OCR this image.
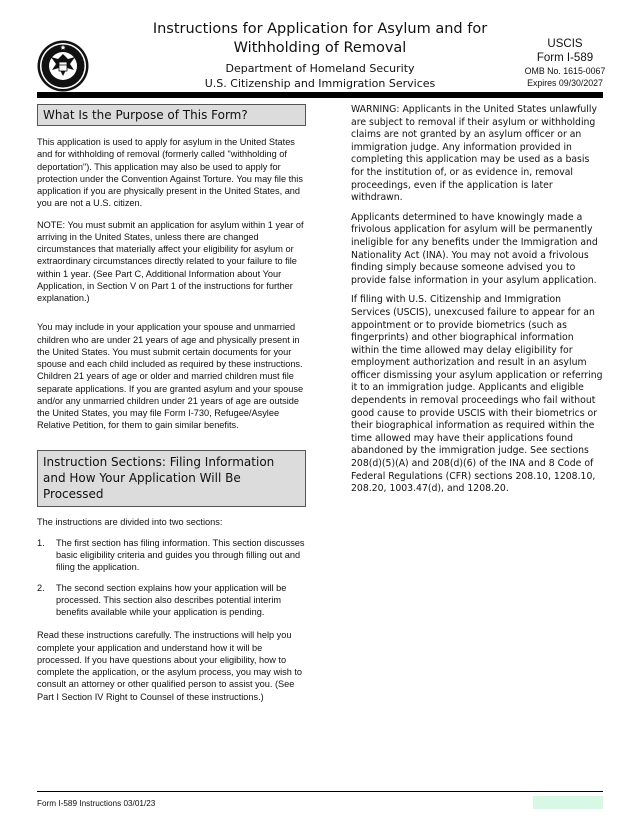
Instructions for Application for Asylum and for
Withholding of Removal
Department of Homeland Security
U.S. Citizenship and Immigration Services
USCIS
Form I-589
OMB No. 1615-0067
Expires 09/30/2027
What Is the Purpose of This Form?

This application is used to apply for asylum in the United States and for withholding of removal (formerly called "withholding of deportation"). This application may also be used to apply for protection under the Convention Against Torture. You may file this application if you are physically present in the United States, and you are not a U.S. citizen.

NOTE: You must submit an application for asylum within 1 year of arriving in the United States, unless there are changed circumstances that materially affect your eligibility for asylum or extraordinary circumstances directly related to your failure to file within 1 year. (See Part C, Additional Information about Your Application, in Section V on Part 1 of the instructions for further explanation.)

You may include in your application your spouse and unmarried children who are under 21 years of age and physically present in the United States. You must submit certain documents for your spouse and each child included as required by these instructions. Children 21 years of age or older and married children must file separate applications. If you are granted asylum and your spouse and/or any unmarried children under 21 years of age are outside the United States, you may file Form I-730, Refugee/Asylee Relative Petition, for them to gain similar benefits.

Instruction Sections: Filing Information and How Your Application Will Be Processed

The instructions are divided into two sections:

1.	The first section has filing information. This section discusses basic eligibility criteria and guides you through filling out and filing the application.
2.	The second section explains how your application will be processed. This section also describes potential interim benefits available while your application is pending.

Read these instructions carefully. The instructions will help you complete your application and understand how it will be processed. If you have questions about your eligibility, how to complete the application, or the asylum process, you may wish to consult an attorney or other qualified person to assist you. (See Part I Section IV Right to Counsel of these instructions.)

WARNING: Applicants in the United States unlawfully are subject to removal if their asylum or withholding claims are not granted by an asylum officer or an immigration judge. Any information provided in completing this application may be used as a basis for the institution of, or as evidence in, removal proceedings, even if the application is later withdrawn.

Applicants determined to have knowingly made a frivolous application for asylum will be permanently ineligible for any benefits under the Immigration and Nationality Act (INA). You may not avoid a frivolous finding simply because someone advised you to provide false information in your asylum application.

If filing with U.S. Citizenship and Immigration Services (USCIS), unexcused failure to appear for an appointment or to provide biometrics (such as fingerprints) and other biographical information within the time allowed may delay eligibility for employment authorization and result in an asylum officer dismissing your asylum application or referring it to an immigration judge. Applicants and eligible dependents in removal proceedings who fail without good cause to provide USCIS with their biometrics or their biographical information as required within the time allowed may have their applications found abandoned by the immigration judge. See sections 208(d)(5)(A) and 208(d)(6) of the INA and 8 Code of Federal Regulations (CFR) sections 208.10, 1208.10, 208.20, 1003.47(d), and 1208.20.

Form I-589 Instructions 03/01/23
